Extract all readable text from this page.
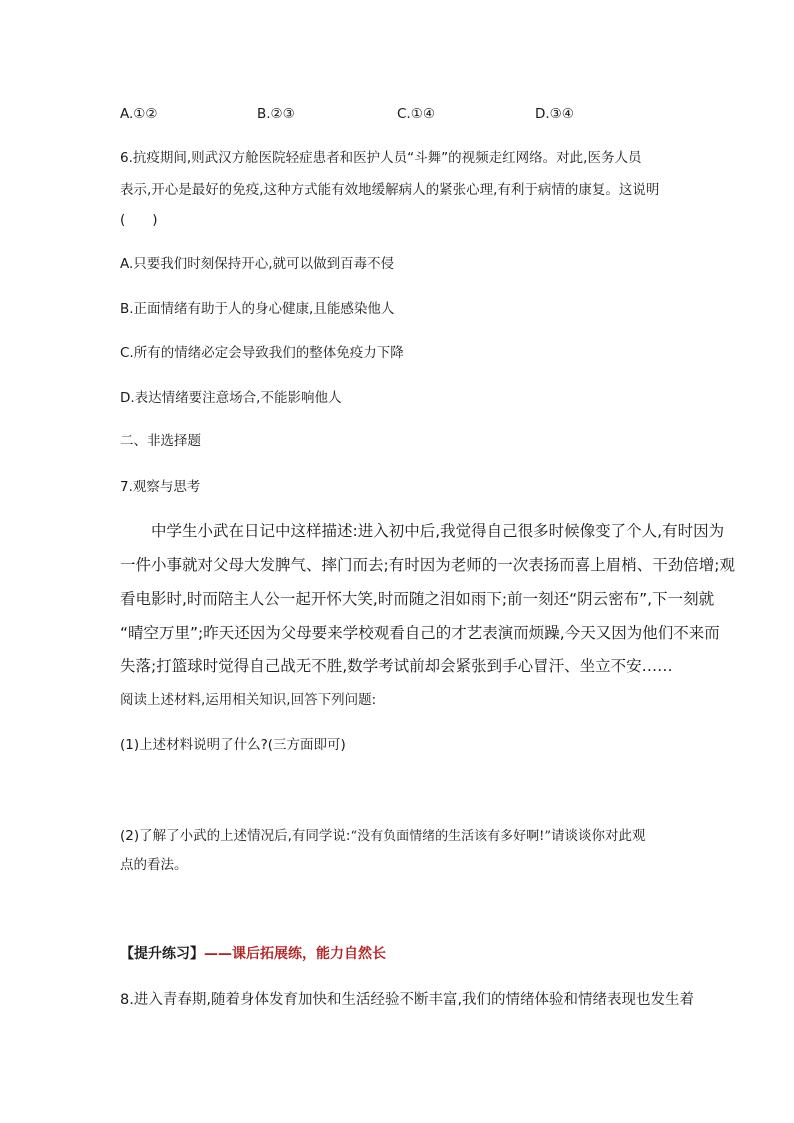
A.①②	B.②③	C.①④	D.③④
6.抗疫期间,则武汉方舱医院轻症患者和医护人员“斗舞”的视频走红网络。对此,医务人员
表示,开心是最好的免疫,这种方式能有效地缓解病人的紧张心理,有利于病情的康复。这说明
(　　)
A.只要我们时刻保持开心,就可以做到百毒不侵
B.正面情绪有助于人的身心健康,且能感染他人
C.所有的情绪必定会导致我们的整体免疫力下降
D.表达情绪要注意场合,不能影响他人
二、非选择题
7.观察与思考
　　中学生小武在日记中这样描述:进入初中后,我觉得自己很多时候像变了个人,有时因为
一件小事就对父母大发脾气、摔门而去;有时因为老师的一次表扬而喜上眉梢、干劲倍增;观
看电影时,时而陪主人公一起开怀大笑,时而随之泪如雨下;前一刻还“阴云密布”,下一刻就
“晴空万里”;昨天还因为父母要来学校观看自己的才艺表演而烦躁,今天又因为他们不来而
失落;打篮球时觉得自己战无不胜,数学考试前却会紧张到手心冒汗、坐立不安……
阅读上述材料,运用相关知识,回答下列问题:
(1)上述材料说明了什么?(三方面即可)
(2)了解了小武的上述情况后,有同学说:“没有负面情绪的生活该有多好啊!”请谈谈你对此观
点的看法。
【提升练习】——课后拓展练，能力自然长
8.进入青春期,随着身体发育加快和生活经验不断丰富,我们的情绪体验和情绪表现也发生着
